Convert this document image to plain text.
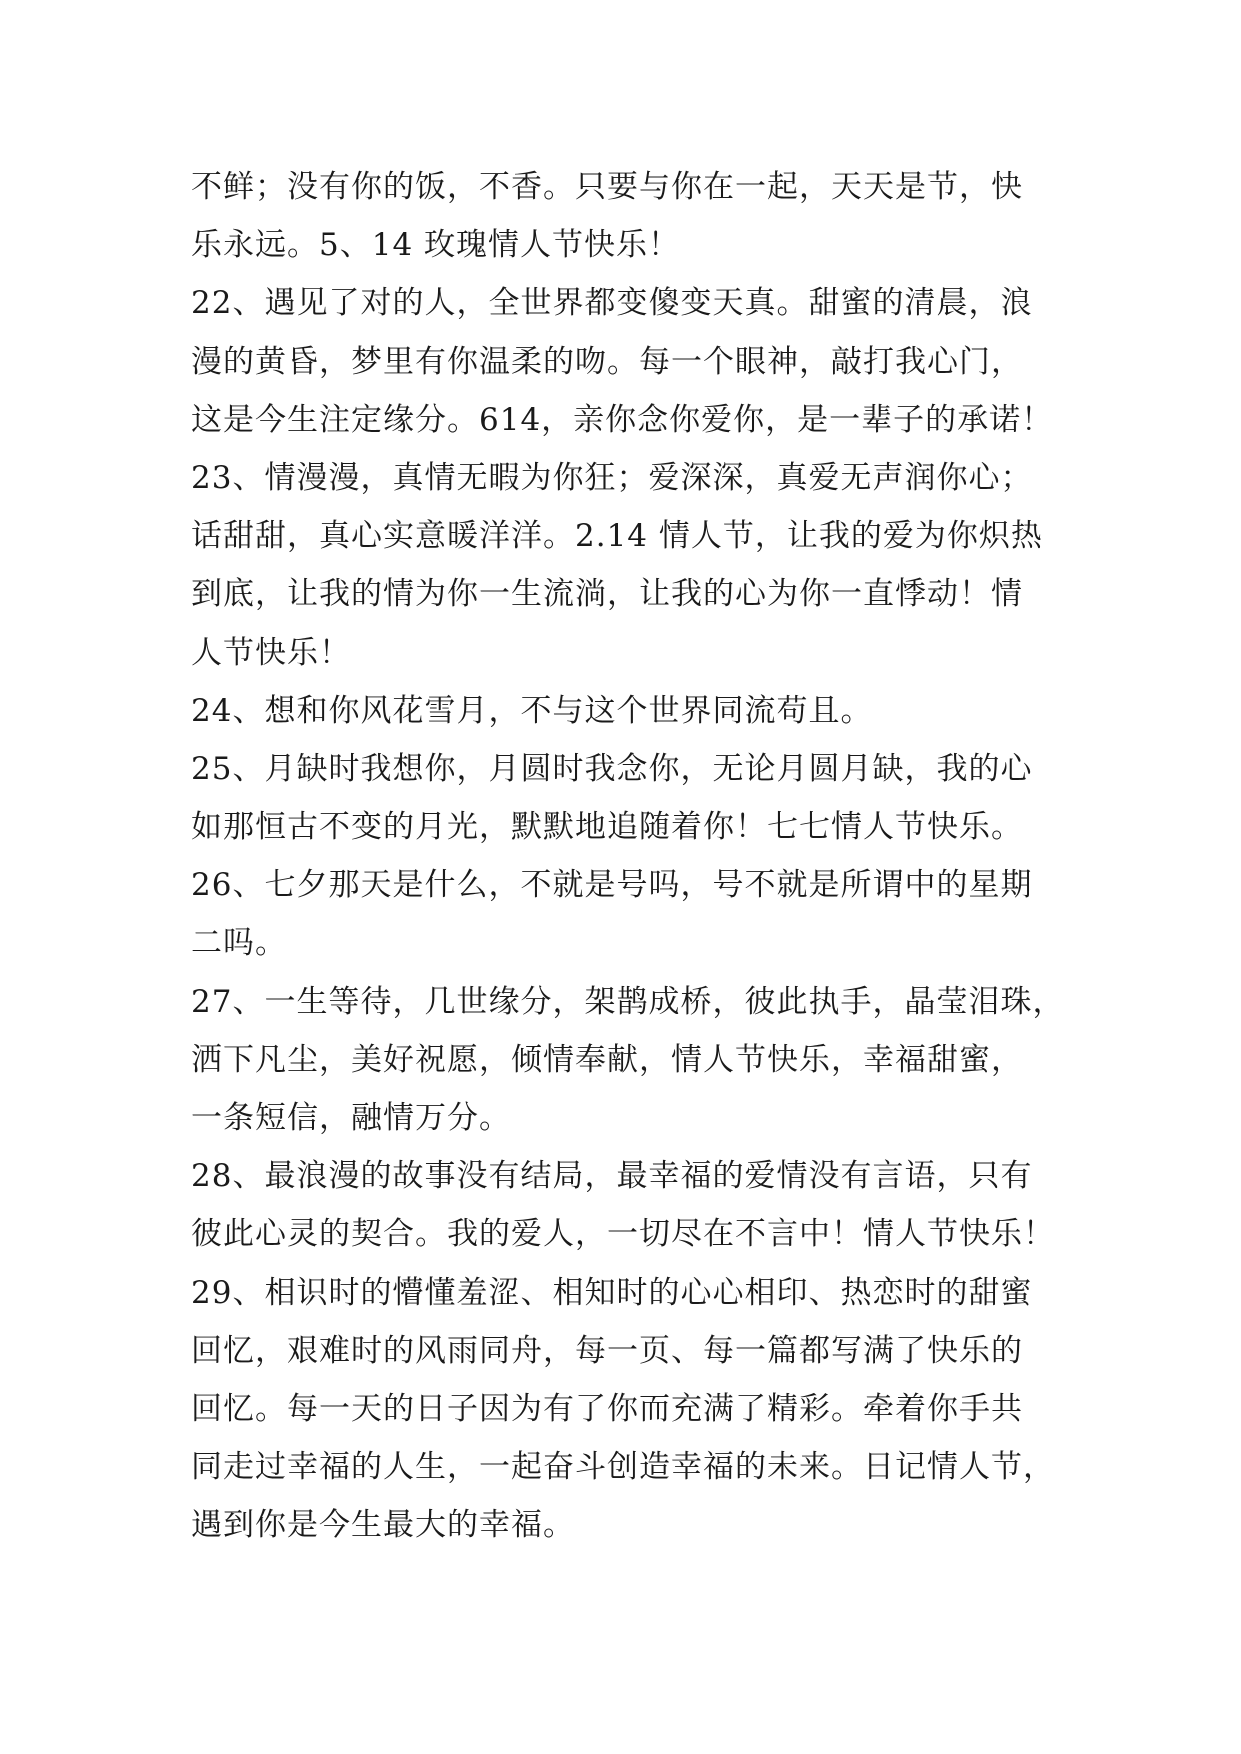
不鲜；没有你的饭，不香。只要与你在一起，天天是节，快
乐永远。5、14 玫瑰情人节快乐！
22、遇见了对的人，全世界都变傻变天真。甜蜜的清晨，浪
漫的黄昏，梦里有你温柔的吻。每一个眼神，敲打我心门，
这是今生注定缘分。614，亲你念你爱你，是一辈子的承诺！
23、情漫漫，真情无暇为你狂；爱深深，真爱无声润你心；
话甜甜，真心实意暖洋洋。2.14 情人节，让我的爱为你炽热
到底，让我的情为你一生流淌，让我的心为你一直悸动！情
人节快乐！
24、想和你风花雪月，不与这个世界同流苟且。
25、月缺时我想你，月圆时我念你，无论月圆月缺，我的心
如那恒古不变的月光，默默地追随着你！七七情人节快乐。
26、七夕那天是什么，不就是号吗，号不就是所谓中的星期
二吗。
27、一生等待，几世缘分，架鹊成桥，彼此执手，晶莹泪珠，
洒下凡尘，美好祝愿，倾情奉献，情人节快乐，幸福甜蜜，
一条短信，融情万分。
28、最浪漫的故事没有结局，最幸福的爱情没有言语，只有
彼此心灵的契合。我的爱人，一切尽在不言中！情人节快乐！
29、相识时的懵懂羞涩、相知时的心心相印、热恋时的甜蜜
回忆，艰难时的风雨同舟，每一页、每一篇都写满了快乐的
回忆。每一天的日子因为有了你而充满了精彩。牵着你手共
同走过幸福的人生，一起奋斗创造幸福的未来。日记情人节，
遇到你是今生最大的幸福。
